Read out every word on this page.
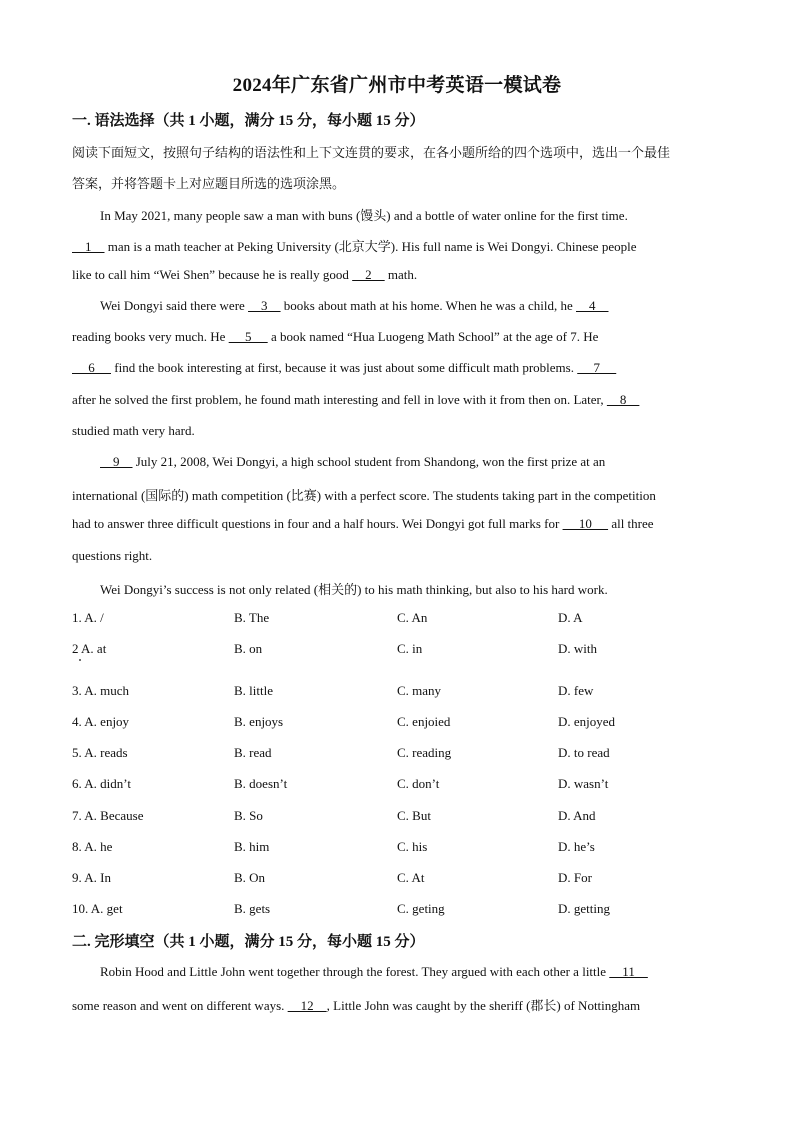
2024年广东省广州市中考英语一模试卷
一. 语法选择（共 1 小题，满分 15 分，每小题 15 分）
阅读下面短文，按照句子结构的语法性和上下文连贯的要求，在各小题所给的四个选项中，选出一个最佳
答案，并将答题卡上对应题目所选的选项涂黑。
In May 2021, many people saw a man with buns (馒头) and a bottle of water online for the first time.
1     man is a math teacher at Peking University (北京大学). His full name is Wei Dongyi. Chinese people
like to call him “Wei Shen” because he is really good     2     math.
Wei Dongyi said there were     3     books about math at his home. When he was a child, he     4
reading books very much. He      5      a book named “Hua Luogeng Math School” at the age of 7. He
6      find the book interesting at first, because it was just about some difficult math problems.      7
after he solved the first problem, he found math interesting and fell in love with it from then on. Later,     8
studied math very hard.
9     July 21, 2008, Wei Dongyi, a high school student from Shandong, won the first prize at an
international (国际的) math competition (比赛) with a perfect score. The students taking part in the competition
had to answer three difficult questions in four and a half hours. Wei Dongyi got full marks for      10      all three
questions right.
Wei Dongyi’s success is not only related (相关的) to his math thinking, but also to his hard work.
1. A. /	B. The	C. An	D. A
2 A. at	B. on	C. in	D. with
3. A. much	B. little	C. many	D. few
4. A. enjoy	B. enjoys	C. enjoied	D. enjoyed
5. A. reads	B. read	C. reading	D. to read
6. A. didn’t	B. doesn’t	C. don’t	D. wasn’t
7. A. Because	B. So	C. But	D. And
8. A. he	B. him	C. his	D. he’s
9. A. In	B. On	C. At	D. For
10. A. get	B. gets	C. geting	D. getting
二. 完形填空（共 1 小题，满分 15 分，每小题 15 分）
Robin Hood and Little John went together through the forest. They argued with each other a little     11
some reason and went on different ways.     12    , Little John was caught by the sheriff (郡长) of Nottingham
